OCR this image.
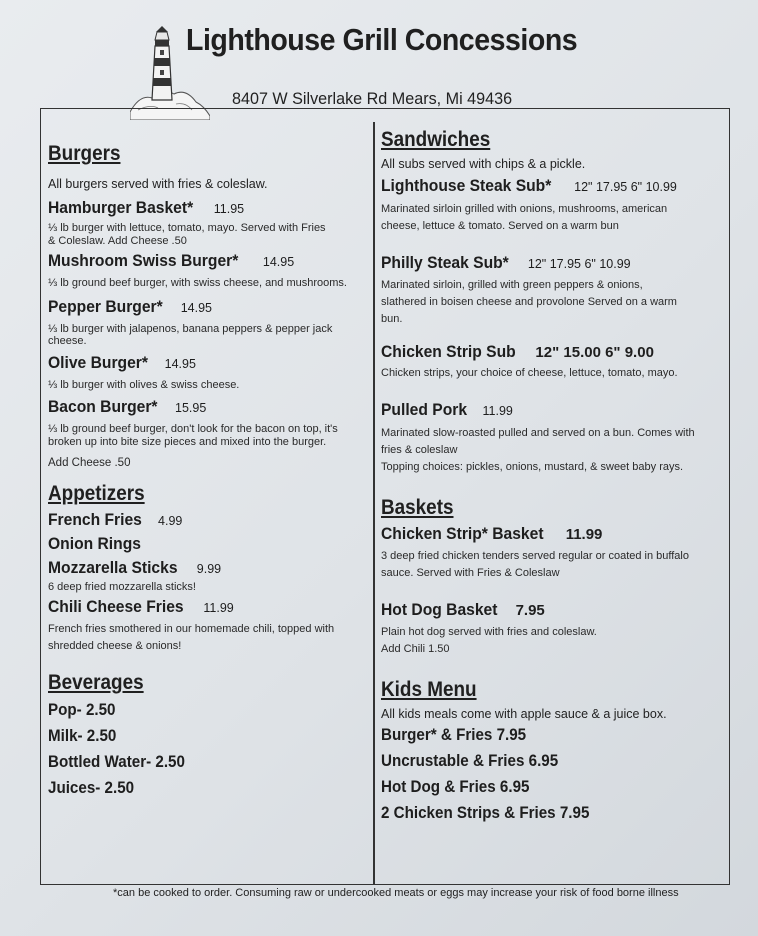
Lighthouse Grill Concessions
8407 W Silverlake Rd Mears, Mi 49436
Burgers

All burgers served with fries & coleslaw.

Hamburger Basket* 11.95

⅓ lb burger with lettuce, tomato, mayo. Served with Fries

& Coleslaw. Add Cheese .50

Mushroom Swiss Burger* 14.95

⅓ lb ground beef burger, with swiss cheese, and mushrooms.

Pepper Burger* 14.95

⅓ lb burger with jalapenos, banana peppers & pepper jack

cheese.

Olive Burger* 14.95

⅓ lb burger with olives & swiss cheese.

Bacon Burger* 15.95

⅓ lb ground beef burger, don't look for the bacon on top, it's

broken up into bite size pieces and mixed into the burger.

Add Cheese .50

Appetizers
French Fries 4.99
Onion Rings
Mozzarella Sticks 9.99

6 deep fried mozzarella sticks!

Chili Cheese Fries 11.99

French fries smothered in our homemade chili, topped with

shredded cheese & onions!

Beverages

Pop- 2.50

Milk- 2.50

Bottled Water- 2.50

Juices- 2.50

Sandwiches

All subs served with chips & a pickle.

Lighthouse Steak Sub* 12" 17.95 6" 10.99

Marinated sirloin grilled with onions, mushrooms, american

cheese, lettuce & tomato. Served on a warm bun

Philly Steak Sub* 12" 17.95 6" 10.99

Marinated sirloin, grilled with green peppers & onions,

slathered in boisen cheese and provolone Served on a warm

bun.

Chicken Strip Sub 12" 15.00 6" 9.00

Chicken strips, your choice of cheese, lettuce, tomato, mayo.

Pulled Pork 11.99

Marinated slow-roasted pulled and served on a bun. Comes with

fries & coleslaw

Topping choices: pickles, onions, mustard, & sweet baby rays.

Baskets
Chicken Strip* Basket 11.99

3 deep fried chicken tenders served regular or coated in buffalo

sauce. Served with Fries & Coleslaw

Hot Dog Basket 7.95

Plain hot dog served with fries and coleslaw.

Add Chili 1.50

Kids Menu

All kids meals come with apple sauce & a juice box.

Burger* & Fries 7.95

Uncrustable & Fries 6.95

Hot Dog & Fries 6.95

2 Chicken Strips & Fries 7.95

*can be cooked to order. Consuming raw or undercooked meats or eggs may increase your risk of food borne illness
